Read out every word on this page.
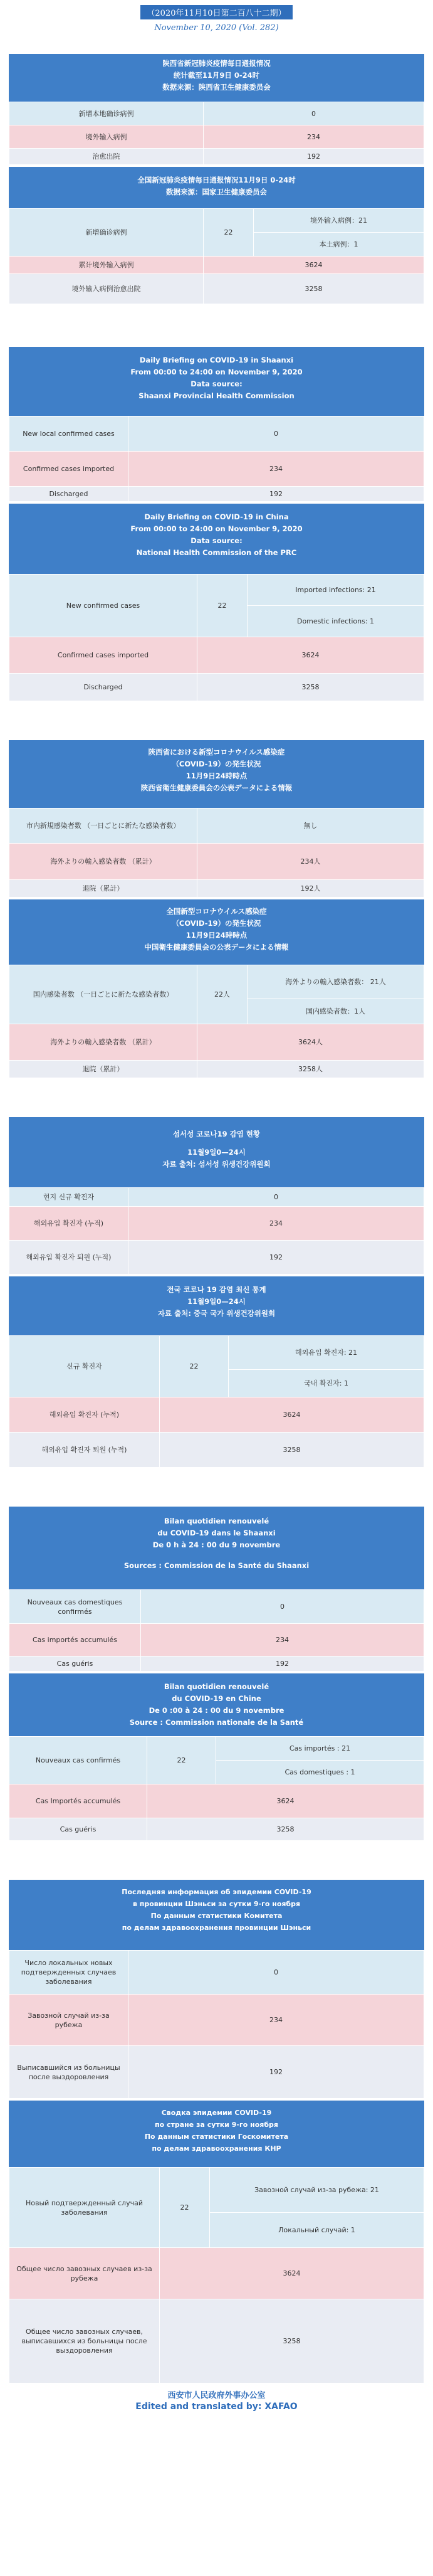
（2020年11月10日第二百八十二期）
November 10, 2020 (Vol. 282)
陕西省新冠肺炎疫情每日通报情况
统计截至11月9日 0-24时
数据来源：陕西省卫生健康委员会
新增本地确诊病例	0
境外输入病例	234
治愈出院	192
全国新冠肺炎疫情每日通报情况11月9日 0-24时
数据来源：国家卫生健康委员会
新增确诊病例	22	境外输入病例：21
		本土病例：1
累计境外输入病例	3624	
境外输入病例治愈出院	3258	
Daily Briefing on COVID-19 in Shaanxi
From 00:00 to 24:00 on November 9, 2020
Data source:
Shaanxi Provincial Health Commission
New local confirmed cases	0
Confirmed cases imported	234
Discharged	192
Daily Briefing on COVID-19 in China
From 00:00 to 24:00 on November 9, 2020
Data source:
National Health Commission of the PRC
New confirmed cases	22	Imported infections: 21
		Domestic infections: 1
Confirmed cases imported	3624	
Discharged	3258	
陝西省における新型コロナウイルス感染症
（COVID-19）の発生状況
11月9日24時時点
陝西省衛生健康委員会の公表データによる情報
市内新規感染者数 （一日ごとに新たな感染者数）	無し
海外よりの輸入感染者数 （累計）	234人
退院（累計）	192人
全国新型コロナウイルス感染症
（COVID-19）の発生状況
11月9日24時時点
中国衛生健康委員会の公表データによる情報
国内感染者数 （一日ごとに新たな感染者数）	22人	海外よりの輸入感染者数： 21人
		国内感染者数：1人
海外よりの輸入感染者数 （累計）	3624人	
退院（累計）	3258人	
섬서성 코로나19 감염 현황
11월9일0—24시
자료 출처: 섬서성 위생건강위원회
현지 신규 확진자	0
해외유입 확진자 (누적)	234
해외유입 확진자 퇴원 (누적)	192
전국 코로나 19 감염 최신 통계
11월9일0—24시
자료 출처: 중국 국가 위생건강위원회
신규 확진자	22	해외유입 확진자: 21
		국내 확진자: 1
해외유입 확진자 (누적)	3624	
해외유입 확진자 퇴원 (누적)	3258	
Bilan quotidien renouvelé
du COVID-19 dans le Shaanxi
De 0 h à 24 : 00 du 9 novembre
Sources : Commission de la Santé du Shaanxi
Nouveaux cas domestiques confirmés	0
Cas importés accumulés	234
Cas guéris	192
Bilan quotidien renouvelé
du COVID-19 en Chine
De 0 :00 à 24 : 00 du 9 novembre
Source : Commission nationale de la Santé
Nouveaux cas confirmés	22	Cas importés : 21
		Cas domestiques : 1
Cas Importés accumulés	3624	
Cas guéris	3258	
Последняя информация об эпидемии COVID-19
в провинции Шэньси за сутки 9-го ноября
По данным статистики Комитета
по делам здравоохранения провинции Шэньси
Число локальных новых подтвержденных случаев заболевания	0
Завозной случай из-за рубежа	234
Выписавшийся из больницы после выздоровления	192
Сводка эпидемии COVID-19
по стране за сутки 9-го ноября
По данным статистики Госкомитета
по делам здравоохранения КНР
Новый подтвержденный случай заболевания	22	Завозной случай из-за рубежа: 21
		Локальный случай: 1
Общее число завозных случаев из-за рубежа	3624	
Общее число завозных случаев, выписавшихся из больницы после выздоровления	3258	
西安市人民政府外事办公室
Edited and translated by: XAFAO
